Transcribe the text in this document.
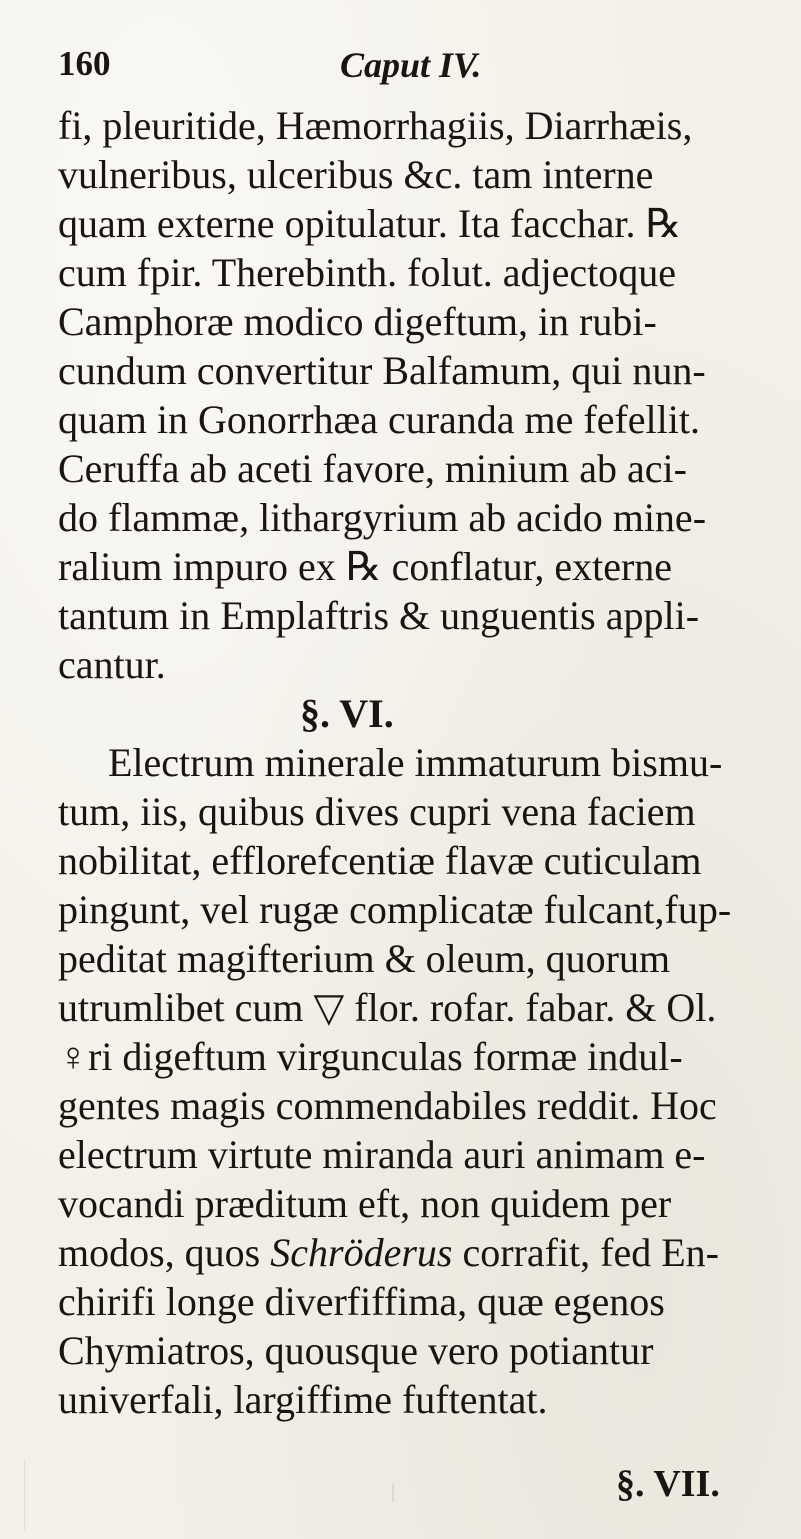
160	Caput IV.
fi, pleuritide, Hæmorrhagiis, Diarrhæis,
vulneribus, ulceribus &c. tam interne
quam externe opitulatur. Ita facchar. ℞
cum fpir. Therebinth. folut. adjectoque
Camphoræ modico digeftum, in rubi-
cundum convertitur Balfamum, qui nun-
quam in Gonorrhæa curanda me fefellit.
Ceruffa ab aceti favore, minium ab aci-
do flammæ, lithargyrium ab acido mine-
ralium impuro ex ℞ conflatur, externe
tantum in Emplaftris & unguentis appli-
cantur.
§. VI.
Electrum minerale immaturum bismu-
tum, iis, quibus dives cupri vena faciem
nobilitat, efflorefcentiæ flavæ cuticulam
pingunt, vel rugæ complicatæ fulcant,fup-
peditat magifterium & oleum, quorum
utrumlibet cum ▽ flor. rofar. fabar. & Ol.
♀ri digeftum virgunculas formæ indul-
gentes magis commendabiles reddit. Hoc
electrum virtute miranda auri animam e-
vocandi præditum eft, non quidem per
modos, quos Schröderus corrafit, fed En-
chirifi longe diverfiffima, quæ egenos
Chymiatros, quousque vero potiantur
univerfali, largiffime fuftentat.
§. VII.
